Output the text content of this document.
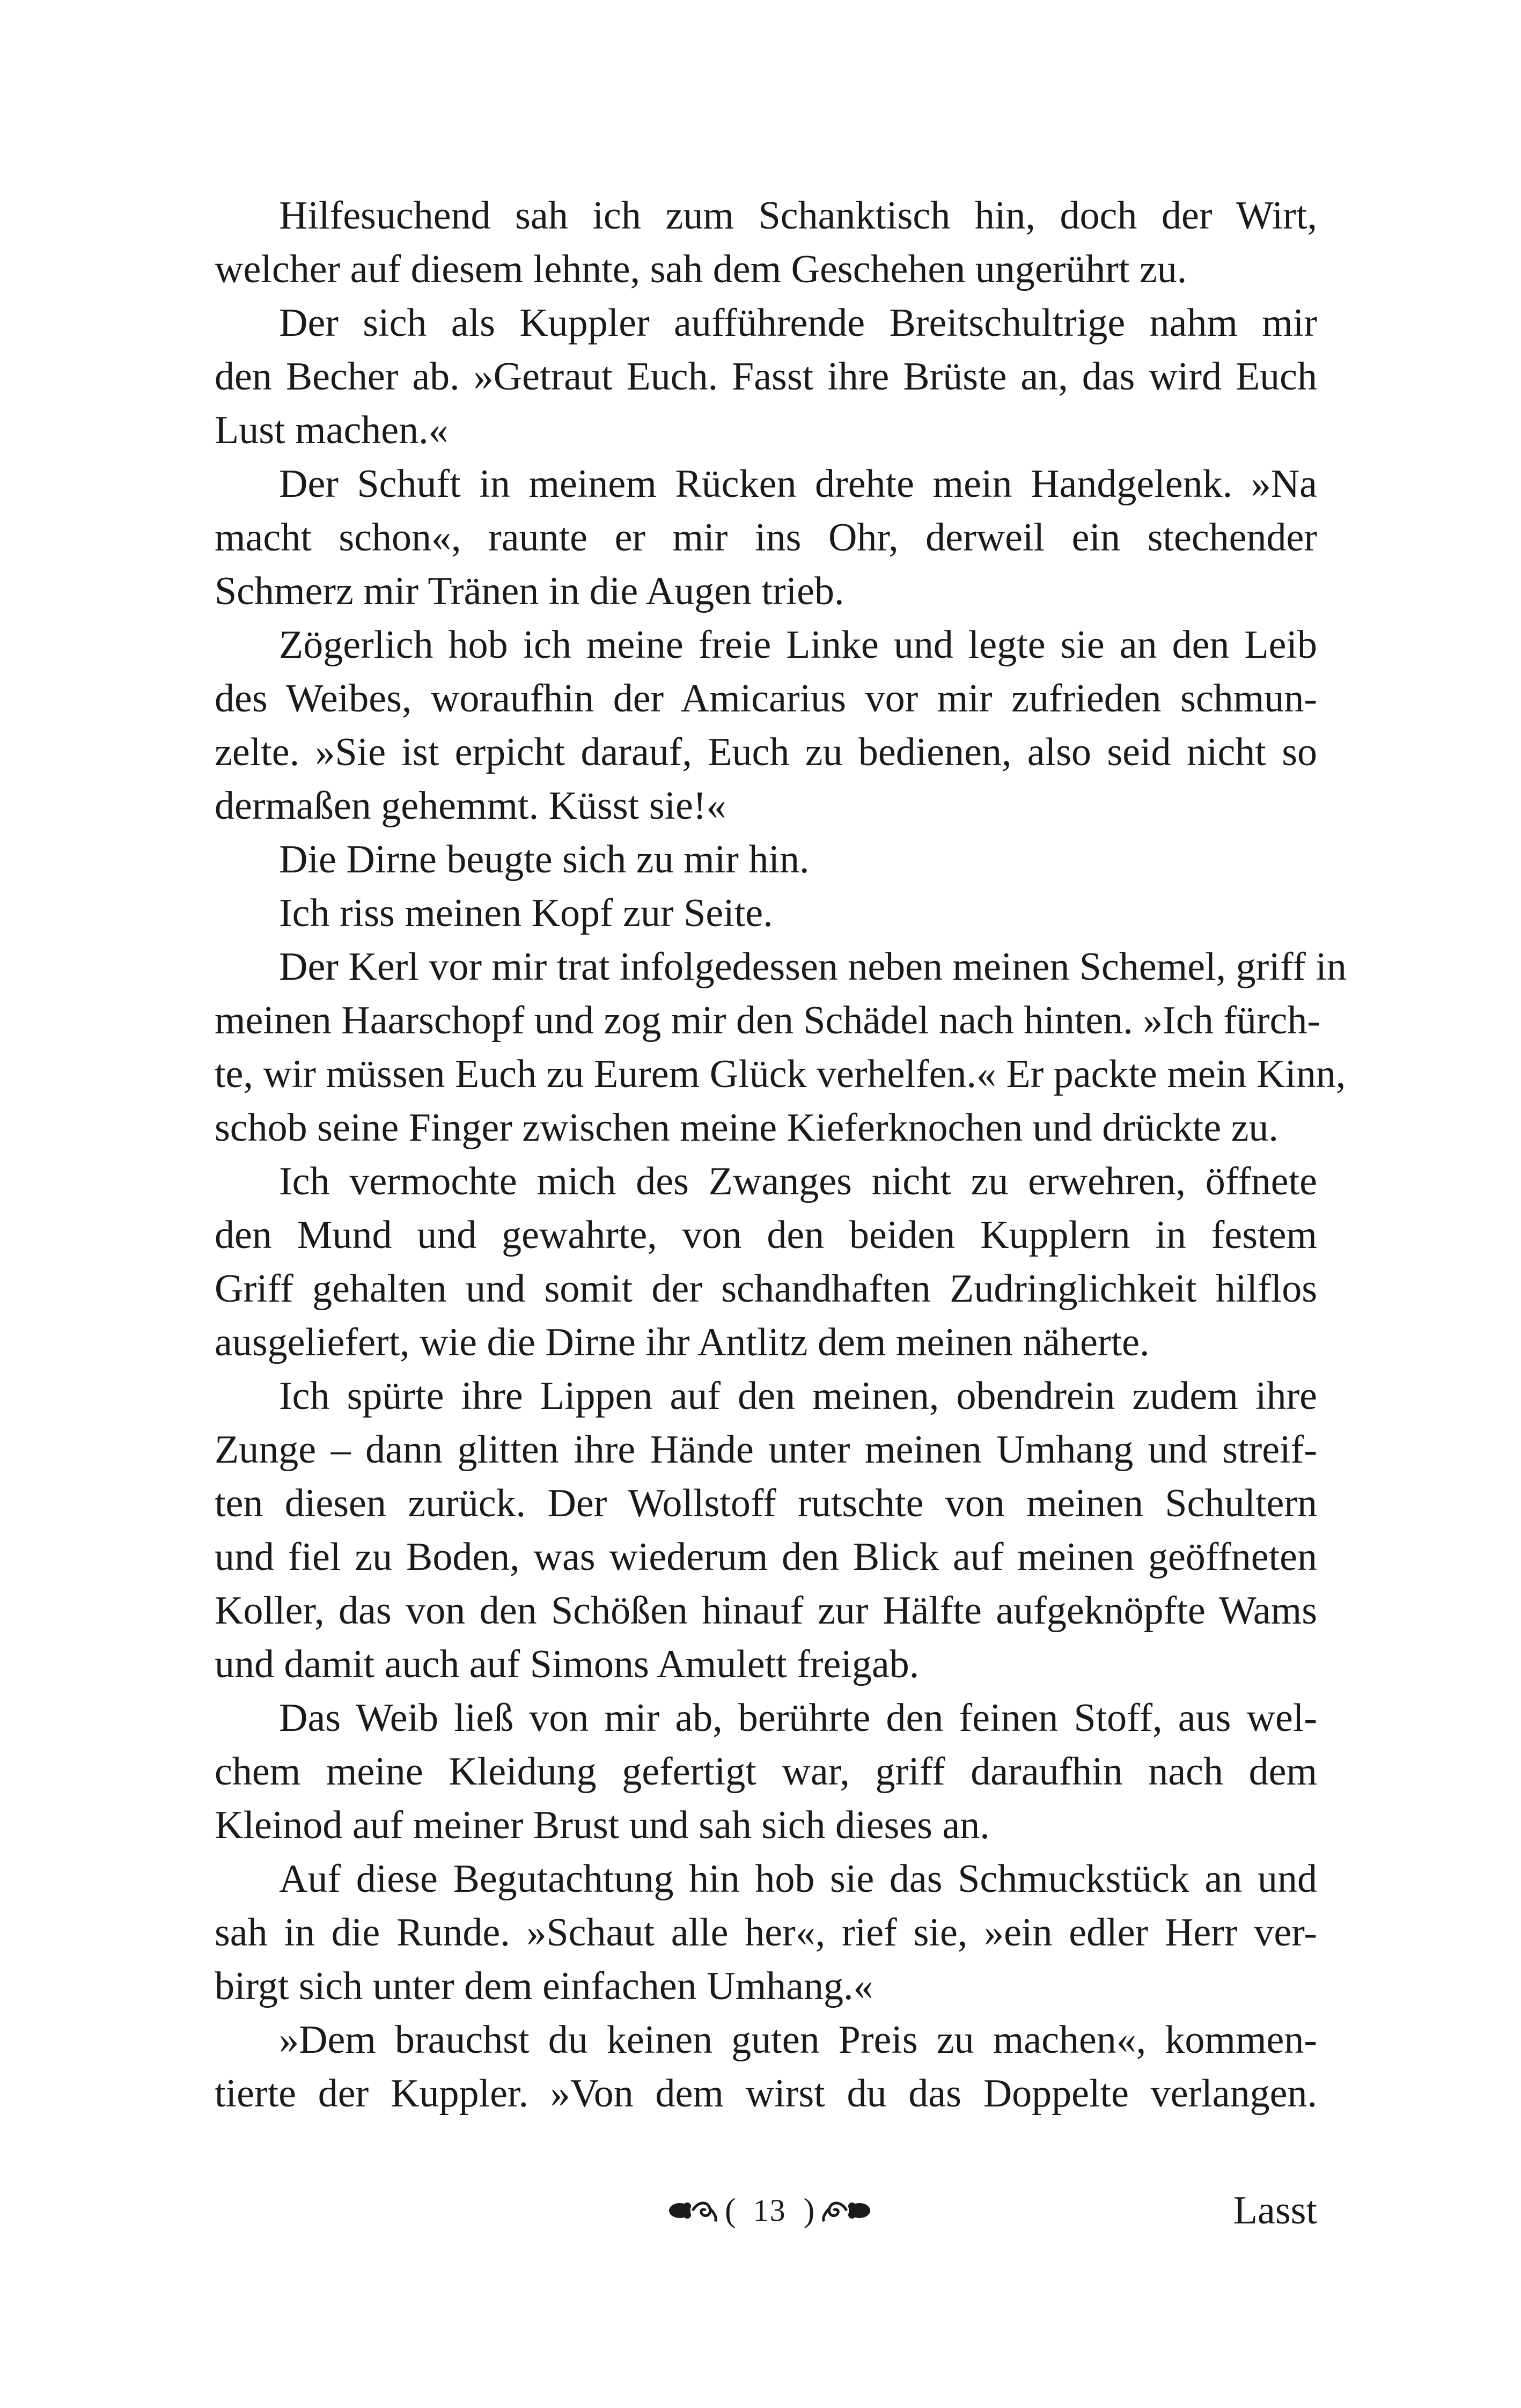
Hilfesuchend sah ich zum Schanktisch hin, doch der Wirt,
welcher auf diesem lehnte, sah dem Geschehen ungerührt zu.
Der sich als Kuppler aufführende Breitschultrige nahm mir
den Becher ab. »Getraut Euch. Fasst ihre Brüste an, das wird Euch
Lust machen.«
Der Schuft in meinem Rücken drehte mein Handgelenk. »Na
macht schon«, raunte er mir ins Ohr, derweil ein stechender
Schmerz mir Tränen in die Augen trieb.
Zögerlich hob ich meine freie Linke und legte sie an den Leib
des Weibes, woraufhin der Amicarius vor mir zufrieden schmun-
zelte. »Sie ist erpicht darauf, Euch zu bedienen, also seid nicht so
dermaßen gehemmt. Küsst sie!«
Die Dirne beugte sich zu mir hin.
Ich riss meinen Kopf zur Seite.
Der Kerl vor mir trat infolgedessen neben meinen Schemel, griff in
meinen Haarschopf und zog mir den Schädel nach hinten. »Ich fürch-
te, wir müssen Euch zu Eurem Glück verhelfen.« Er packte mein Kinn,
schob seine Finger zwischen meine Kieferknochen und drückte zu.
Ich vermochte mich des Zwanges nicht zu erwehren, öffnete
den Mund und gewahrte, von den beiden Kupplern in festem
Griff gehalten und somit der schandhaften Zudringlichkeit hilflos
ausgeliefert, wie die Dirne ihr Antlitz dem meinen näherte.
Ich spürte ihre Lippen auf den meinen, obendrein zudem ihre
Zunge – dann glitten ihre Hände unter meinen Umhang und streif-
ten diesen zurück. Der Wollstoff rutschte von meinen Schultern
und fiel zu Boden, was wiederum den Blick auf meinen geöffneten
Koller, das von den Schößen hinauf zur Hälfte aufgeknöpfte Wams
und damit auch auf Simons Amulett freigab.
Das Weib ließ von mir ab, berührte den feinen Stoff, aus wel-
chem meine Kleidung gefertigt war, griff daraufhin nach dem
Kleinod auf meiner Brust und sah sich dieses an.
Auf diese Begutachtung hin hob sie das Schmuckstück an und
sah in die Runde. »Schaut alle her«, rief sie, »ein edler Herr ver-
birgt sich unter dem einfachen Umhang.«
»Dem brauchst du keinen guten Preis zu machen«, kommen-
tierte der Kuppler. »Von dem wirst du das Doppelte verlangen.
( 13 )	Lasst
